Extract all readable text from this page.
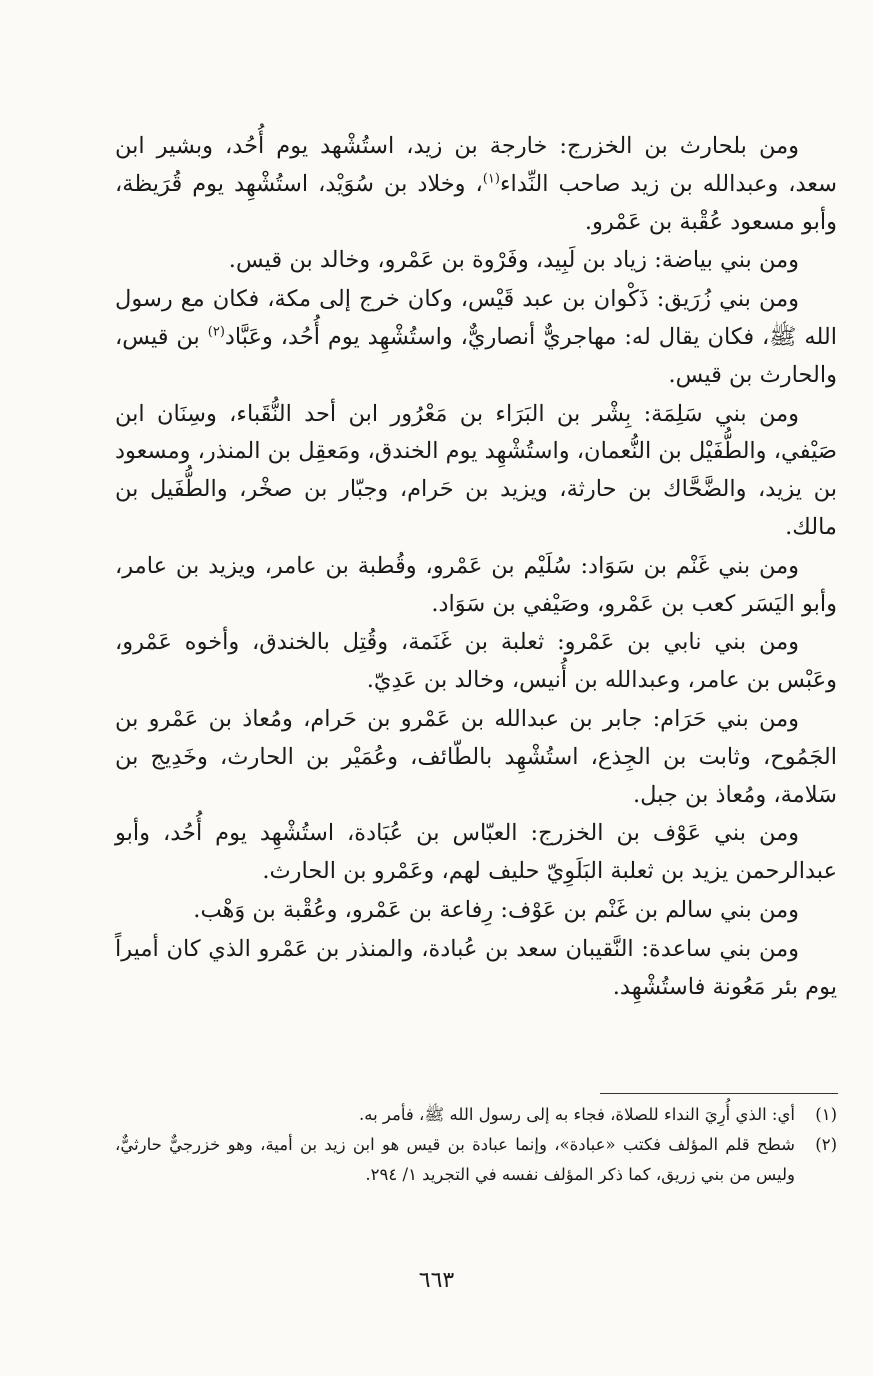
ومن بلحارث بن الخزرج: خارجة بن زيد، استُشْهد يوم أُحُد، وبشير ابن سعد، وعبدالله بن زيد صاحب النِّداء$^{(١)}$، وخلاد بن سُوَيْد، استُشْهِد يوم قُرَيظة، وأبو مسعود عُقْبة بن عَمْرو.

ومن بني بياضة: زياد بن لَبِيد، وفَرْوة بن عَمْرو، وخالد بن قيس.

ومن بني زُرَيق: ذَكْوان بن عبد قَيْس، وكان خرج إلى مكة، فكان مع رسول الله ﷺ، فكان يقال له: مهاجريٌّ أنصاريٌّ، واستُشْهِد يوم أُحُد، وعَبَّاد$^{(٢)}$ بن قيس، والحارث بن قيس.

ومن بني سَلِمَة: بِشْر بن البَرَاء بن مَعْرُور ابن أحد النُّقَباء، وسِنَان ابن صَيْفي، والطُّفَيْل بن النُّعمان، واستُشْهِد يوم الخندق، ومَعقِل بن المنذر، ومسعود بن يزيد، والضَّحَّاك بن حارثة، ويزيد بن حَرام، وجبّار بن صخْر، والطُّفَيل بن مالك.

ومن بني غَنْم بن سَوَاد: سُلَيْم بن عَمْرو، وقُطبة بن عامر، ويزيد بن عامر، وأبو اليَسَر كعب بن عَمْرو، وصَيْفي بن سَوَاد.

ومن بني نابي بن عَمْرو: ثعلبة بن غَنَمة، وقُتِل بالخندق، وأخوه عَمْرو، وعَبْس بن عامر، وعبدالله بن أُنيس، وخالد بن عَدِيّ.

ومن بني حَرَام: جابر بن عبدالله بن عَمْرو بن حَرام، ومُعاذ بن عَمْرو بن الجَمُوح، وثابت بن الجِذع، استُشْهِد بالطّائف، وعُمَيْر بن الحارث، وخَدِيج بن سَلامة، ومُعاذ بن جبل.

ومن بني عَوْف بن الخزرج: العبّاس بن عُبَادة، استُشْهِد يوم أُحُد، وأبو عبدالرحمن يزيد بن ثعلبة البَلَوِيّ حليف لهم، وعَمْرو بن الحارث.

ومن بني سالم بن غَنْم بن عَوْف: رِفاعة بن عَمْرو، وعُقْبة بن وَهْب.

ومن بني ساعدة: النَّقيبان سعد بن عُبادة، والمنذر بن عَمْرو الذي كان أميراً يوم بئر مَعُونة فاستُشْهِد.

(١)
أي: الذي أُرِيَ النداء للصلاة، فجاء به إلى رسول الله ﷺ، فأمر به.
(٢)
شطح قلم المؤلف فكتب «عبادة»، وإنما عبادة بن قيس هو ابن زيد بن أمية، وهو خزرجيٌّ حارثيٌّ، وليس من بني زريق، كما ذكر المؤلف نفسه في التجريد ١/ ٢٩٤.
٦٦٣
